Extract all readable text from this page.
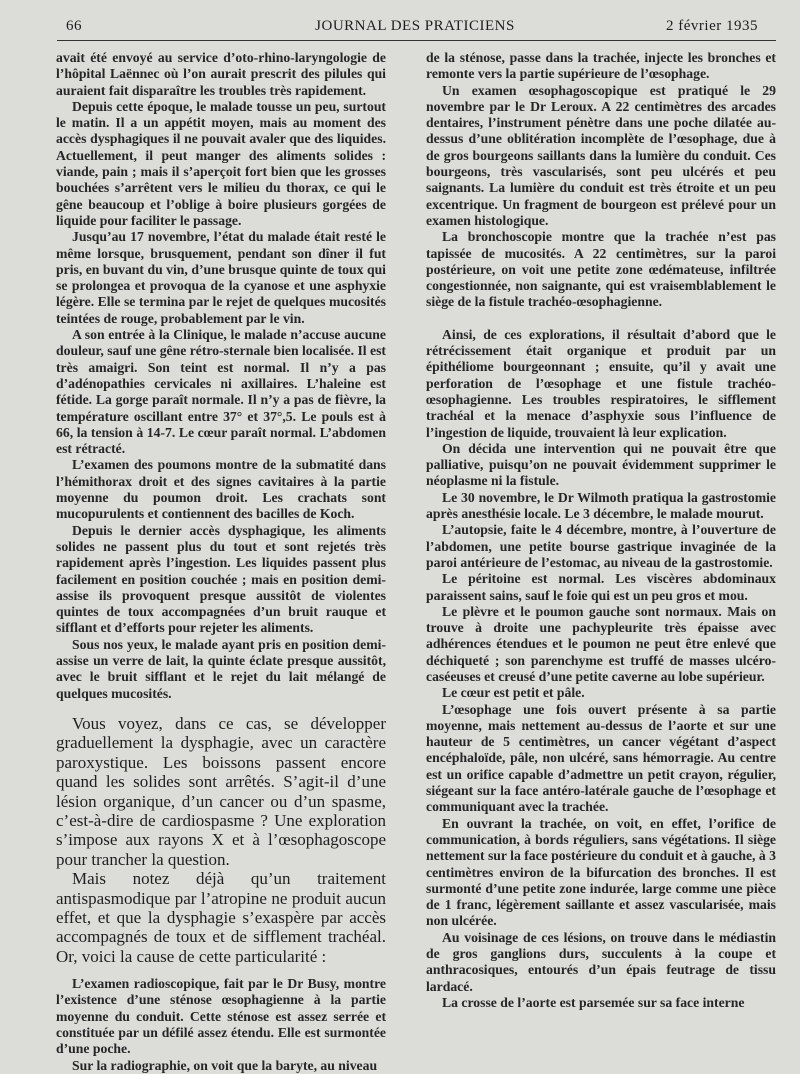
66	JOURNAL DES PRATICIENS	2 février 1935

avait été envoyé au service d’oto-rhino-laryngologie de l’hôpital Laënnec où l’on aurait prescrit des pilules qui auraient fait disparaître les troubles très rapidement.

Depuis cette époque, le malade tousse un peu, surtout le matin. Il a un appétit moyen, mais au moment des accès dysphagiques il ne pouvait avaler que des liquides. Actuellement, il peut manger des aliments solides : viande, pain ; mais il s’aperçoit fort bien que les grosses bouchées s’arrêtent vers le milieu du thorax, ce qui le gêne beaucoup et l’oblige à boire plusieurs gorgées de liquide pour faciliter le passage.

Jusqu’au 17 novembre, l’état du malade était resté le même lorsque, brusquement, pendant son dîner il fut pris, en buvant du vin, d’une brusque quinte de toux qui se prolongea et provoqua de la cyanose et une asphyxie légère. Elle se termina par le rejet de quelques mucosités teintées de rouge, probablement par le vin.

A son entrée à la Clinique, le malade n’accuse aucune douleur, sauf une gêne rétro-sternale bien localisée. Il est très amaigri. Son teint est normal. Il n’y a pas d’adénopathies cervicales ni axillaires. L’haleine est fétide. La gorge paraît normale. Il n’y a pas de fièvre, la température oscillant entre 37° et 37°,5. Le pouls est à 66, la tension à 14-7. Le cœur paraît normal. L’abdomen est rétracté.

L’examen des poumons montre de la submatité dans l’hémithorax droit et des signes cavitaires à la partie moyenne du poumon droit. Les crachats sont mucopurulents et contiennent des bacilles de Koch.

Depuis le dernier accès dysphagique, les aliments solides ne passent plus du tout et sont rejetés très rapidement après l’ingestion. Les liquides passent plus facilement en position couchée ; mais en position demi-assise ils provoquent presque aussitôt de violentes quintes de toux accompagnées d’un bruit rauque et sifflant et d’efforts pour rejeter les aliments.

Sous nos yeux, le malade ayant pris en position demi-assise un verre de lait, la quinte éclate presque aussitôt, avec le bruit sifflant et le rejet du lait mélangé de quelques mucosités.

Vous voyez, dans ce cas, se développer graduellement la dysphagie, avec un caractère paroxystique. Les boissons passent encore quand les solides sont arrêtés. S’agit-il d’une lésion organique, d’un cancer ou d’un spasme, c’est-à-dire de cardiospasme ? Une exploration s’impose aux rayons X et à l’œsophagoscope pour trancher la question.

Mais notez déjà qu’un traitement antispasmodique par l’atropine ne produit aucun effet, et que la dysphagie s’exaspère par accès accompagnés de toux et de sifflement trachéal. Or, voici la cause de cette particularité :

L’examen radioscopique, fait par le Dr Busy, montre l’existence d’une sténose œsophagienne à la partie moyenne du conduit. Cette sténose est assez serrée et constituée par un défilé assez étendu. Elle est surmontée d’une poche.

Sur la radiographie, on voit que la baryte, au niveau

de la sténose, passe dans la trachée, injecte les bronches et remonte vers la partie supérieure de l’œsophage.

Un examen œsophagoscopique est pratiqué le 29 novembre par le Dr Leroux. A 22 centimètres des arcades dentaires, l’instrument pénètre dans une poche dilatée au-dessus d’une oblitération incomplète de l’œsophage, due à de gros bourgeons saillants dans la lumière du conduit. Ces bourgeons, très vascularisés, sont peu ulcérés et peu saignants. La lumière du conduit est très étroite et un peu excentrique. Un fragment de bourgeon est prélevé pour un examen histologique.

La bronchoscopie montre que la trachée n’est pas tapissée de mucosités. A 22 centimètres, sur la paroi postérieure, on voit une petite zone œdémateuse, infiltrée congestionnée, non saignante, qui est vraisemblablement le siège de la fistule trachéo-œsophagienne.

Ainsi, de ces explorations, il résultait d’abord que le rétrécissement était organique et produit par un épithéliome bourgeonnant ; ensuite, qu’il y avait une perforation de l’œsophage et une fistule trachéo-œsophagienne. Les troubles respiratoires, le sifflement trachéal et la menace d’asphyxie sous l’influence de l’ingestion de liquide, trouvaient là leur explication.

On décida une intervention qui ne pouvait être que palliative, puisqu’on ne pouvait évidemment supprimer le néoplasme ni la fistule.

Le 30 novembre, le Dr Wilmoth pratiqua la gastrostomie après anesthésie locale. Le 3 décembre, le malade mourut.

L’autopsie, faite le 4 décembre, montre, à l’ouverture de l’abdomen, une petite bourse gastrique invaginée de la paroi antérieure de l’estomac, au niveau de la gastrostomie.

Le péritoine est normal. Les viscères abdominaux paraissent sains, sauf le foie qui est un peu gros et mou.

Le plèvre et le poumon gauche sont normaux. Mais on trouve à droite une pachypleurite très épaisse avec adhérences étendues et le poumon ne peut être enlevé que déchiqueté ; son parenchyme est truffé de masses ulcéro-caséeuses et creusé d’une petite caverne au lobe supérieur.

Le cœur est petit et pâle.

L’œsophage une fois ouvert présente à sa partie moyenne, mais nettement au-dessus de l’aorte et sur une hauteur de 5 centimètres, un cancer végétant d’aspect encéphaloïde, pâle, non ulcéré, sans hémorragie. Au centre est un orifice capable d’admettre un petit crayon, régulier, siégeant sur la face antéro-latérale gauche de l’œsophage et communiquant avec la trachée.

En ouvrant la trachée, on voit, en effet, l’orifice de communication, à bords réguliers, sans végétations. Il siège nettement sur la face postérieure du conduit et à gauche, à 3 centimètres environ de la bifurcation des bronches. Il est surmonté d’une petite zone indurée, large comme une pièce de 1 franc, légèrement saillante et assez vascularisée, mais non ulcérée.

Au voisinage de ces lésions, on trouve dans le médiastin de gros ganglions durs, succulents à la coupe et anthracosiques, entourés d’un épais feutrage de tissu lardacé.

La crosse de l’aorte est parsemée sur sa face interne
